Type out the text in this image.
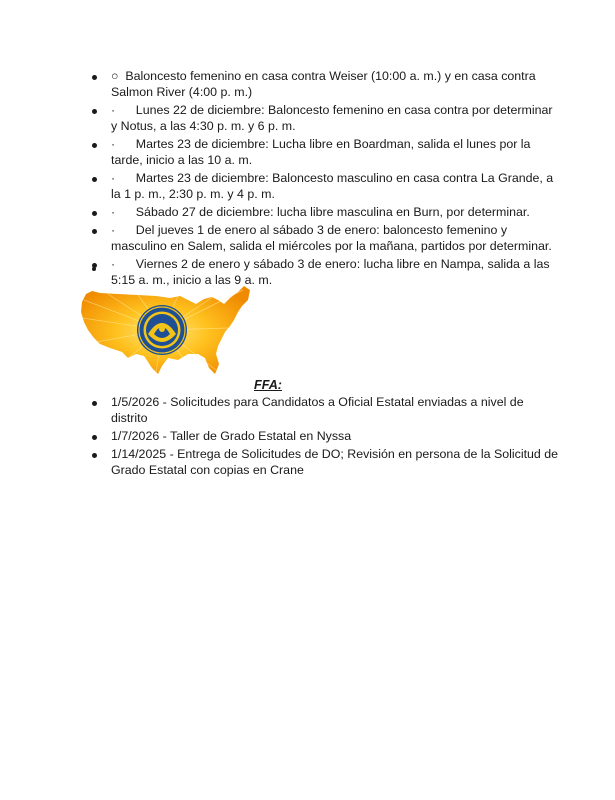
○ Baloncesto femenino en casa contra Weiser (10:00 a. m.) y en casa contra Salmon River (4:00 p. m.)
· Lunes 22 de diciembre: Baloncesto femenino en casa contra por determinar y Notus, a las 4:30 p. m. y 6 p. m.
· Martes 23 de diciembre: Lucha libre en Boardman, salida el lunes por la tarde, inicio a las 10 a. m.
· Martes 23 de diciembre: Baloncesto masculino en casa contra La Grande, a la 1 p. m., 2:30 p. m. y 4 p. m.
· Sábado 27 de diciembre: lucha libre masculina en Burn, por determinar.
· Del jueves 1 de enero al sábado 3 de enero: baloncesto femenino y masculino en Salem, salida el miércoles por la mañana, partidos por determinar.
· Viernes 2 de enero y sábado 3 de enero: lucha libre en Nampa, salida a las 5:15 a. m., inicio a las 9 a. m.
FFA:
1/5/2026 - Solicitudes para Candidatos a Oficial Estatal enviadas a nivel de distrito
1/7/2026 - Taller de Grado Estatal en Nyssa
1/14/2025 - Entrega de Solicitudes de DO; Revisión en persona de la Solicitud de Grado Estatal con copias en Crane
